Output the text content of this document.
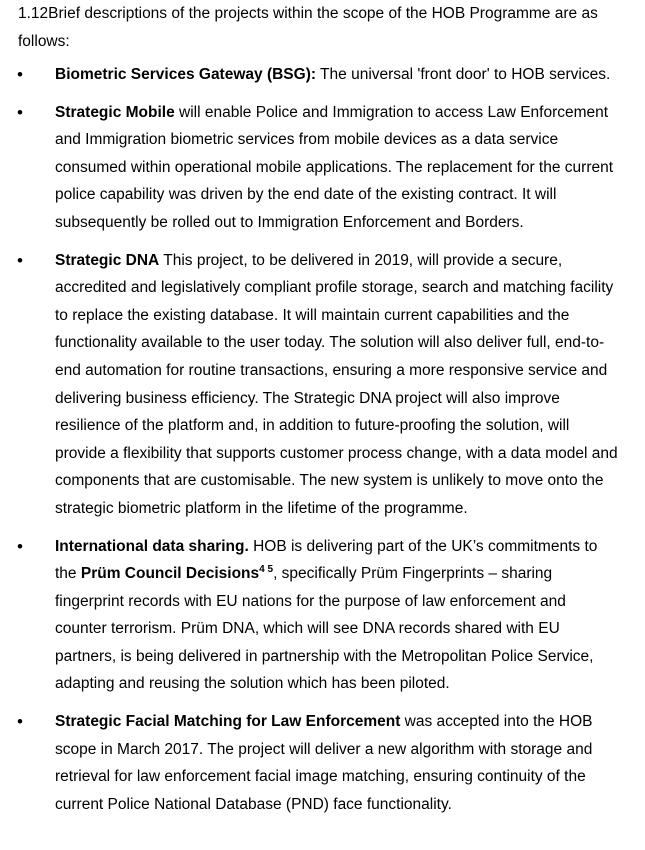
1.12Brief descriptions of the projects within the scope of the HOB Programme are as follows:
• Biometric Services Gateway (BSG): The universal 'front door' to HOB services.
• Strategic Mobile will enable Police and Immigration to access Law Enforcement and Immigration biometric services from mobile devices as a data service consumed within operational mobile applications. The replacement for the current police capability was driven by the end date of the existing contract. It will subsequently be rolled out to Immigration Enforcement and Borders.
• Strategic DNA This project, to be delivered in 2019, will provide a secure, accredited and legislatively compliant profile storage, search and matching facility to replace the existing database. It will maintain current capabilities and the functionality available to the user today. The solution will also deliver full, end-to-end automation for routine transactions, ensuring a more responsive service and delivering business efficiency. The Strategic DNA project will also improve resilience of the platform and, in addition to future-proofing the solution, will provide a flexibility that supports customer process change, with a data model and components that are customisable. The new system is unlikely to move onto the strategic biometric platform in the lifetime of the programme.
• International data sharing. HOB is delivering part of the UK’s commitments to the Prüm Council Decisions$^{4 5}$, specifically Prüm Fingerprints – sharing fingerprint records with EU nations for the purpose of law enforcement and counter terrorism. Prüm DNA, which will see DNA records shared with EU partners, is being delivered in partnership with the Metropolitan Police Service, adapting and reusing the solution which has been piloted.
• Strategic Facial Matching for Law Enforcement was accepted into the HOB scope in March 2017. The project will deliver a new algorithm with storage and retrieval for law enforcement facial image matching, ensuring continuity of the current Police National Database (PND) face functionality.
